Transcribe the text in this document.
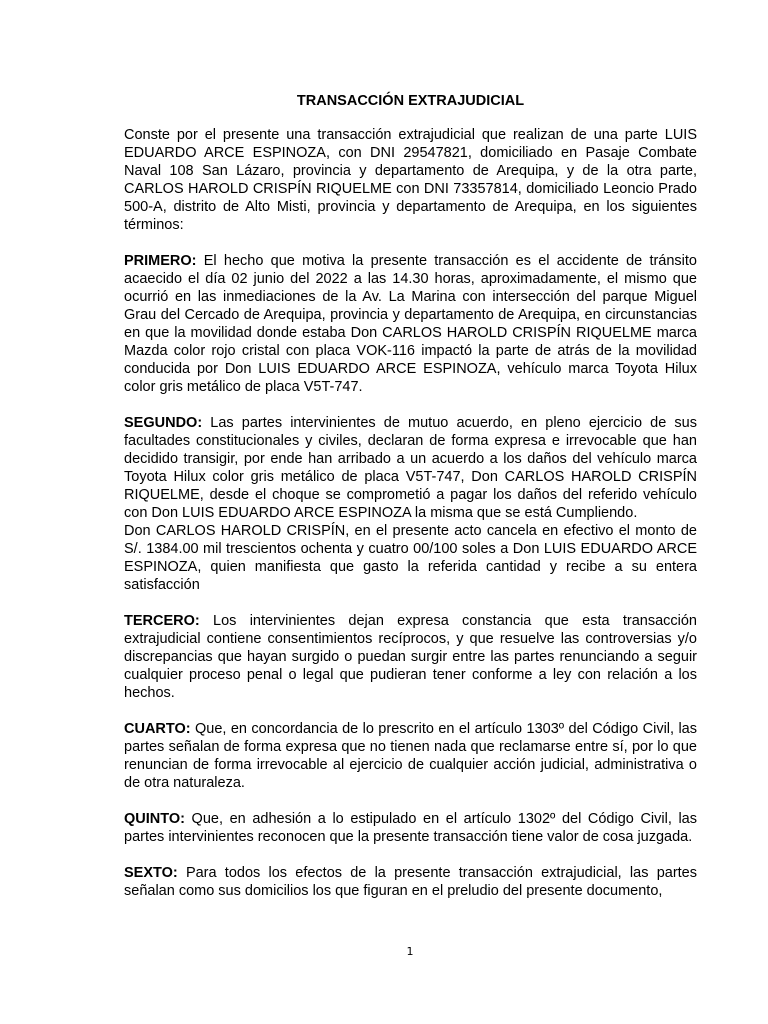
TRANSACCIÓN EXTRAJUDICIAL

Conste por el presente una transacción extrajudicial que realizan de una parte LUIS EDUARDO ARCE ESPINOZA, con DNI 29547821, domiciliado en Pasaje Combate Naval 108 San Lázaro, provincia y departamento de Arequipa, y de la otra parte, CARLOS HAROLD CRISPÍN RIQUELME con DNI 73357814, domiciliado Leoncio Prado 500-A, distrito de Alto Misti, provincia y departamento de Arequipa, en los siguientes términos:

PRIMERO: El hecho que motiva la presente transacción es el accidente de tránsito acaecido el día 02 junio del 2022 a las 14.30 horas, aproximadamente, el mismo que ocurrió en las inmediaciones de la Av. La Marina con intersección del parque Miguel Grau del Cercado de Arequipa, provincia y departamento de Arequipa, en circunstancias en que la movilidad donde estaba Don CARLOS HAROLD CRISPÍN RIQUELME marca Mazda color rojo cristal con placa VOK-116 impactó la parte de atrás de la movilidad conducida por Don LUIS EDUARDO ARCE ESPINOZA, vehículo marca Toyota Hilux color gris metálico de placa V5T-747.

SEGUNDO: Las partes intervinientes de mutuo acuerdo, en pleno ejercicio de sus facultades constitucionales y civiles, declaran de forma expresa e irrevocable que han decidido transigir, por ende han arribado a un acuerdo a los daños del vehículo marca Toyota Hilux color gris metálico de placa V5T-747, Don CARLOS HAROLD CRISPÍN RIQUELME, desde el choque se comprometió a pagar los daños del referido vehículo con Don LUIS EDUARDO ARCE ESPINOZA la misma que se está Cumpliendo.

Don CARLOS HAROLD CRISPÍN, en el presente acto cancela en efectivo el monto de S/. 1384.00 mil trescientos ochenta y cuatro 00/100 soles a Don LUIS EDUARDO ARCE ESPINOZA, quien manifiesta que gasto la referida cantidad y recibe a su entera satisfacción

TERCERO: Los intervinientes dejan expresa constancia que esta transacción extrajudicial contiene consentimientos recíprocos, y que resuelve las controversias y/o discrepancias que hayan surgido o puedan surgir entre las partes renunciando a seguir cualquier proceso penal o legal que pudieran tener conforme a ley con relación a los hechos.

CUARTO: Que, en concordancia de lo prescrito en el artículo 1303º del Código Civil, las partes señalan de forma expresa que no tienen nada que reclamarse entre sí, por lo que renuncian de forma irrevocable al ejercicio de cualquier acción judicial, administrativa o de otra naturaleza.

QUINTO: Que, en adhesión a lo estipulado en el artículo 1302º del Código Civil, las partes intervinientes reconocen que la presente transacción tiene valor de cosa juzgada.

SEXTO: Para todos los efectos de la presente transacción extrajudicial, las partes señalan como sus domicilios los que figuran en el preludio del presente documento,

1
